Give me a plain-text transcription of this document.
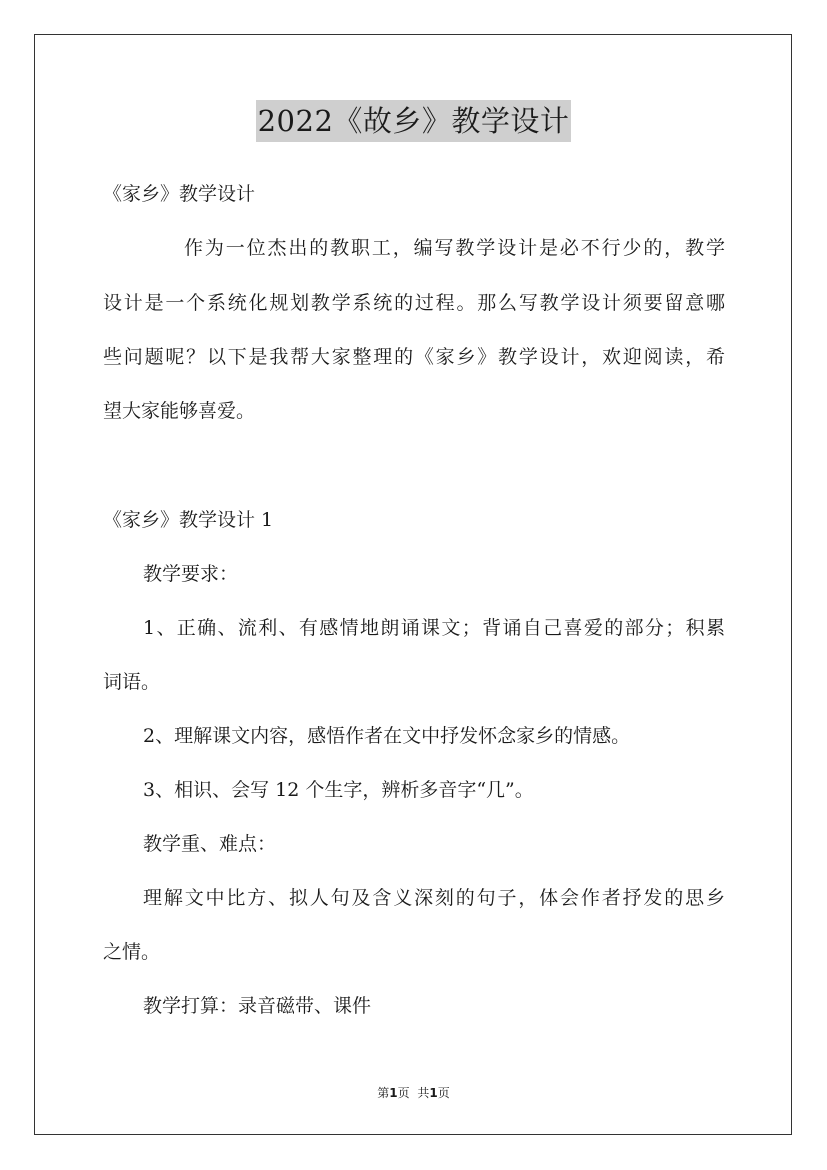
2022《故乡》教学设计
《家乡》教学设计
作为一位杰出的教职工，编写教学设计是必不行少的，教学
设计是一个系统化规划教学系统的过程。那么写教学设计须要留意哪
些问题呢？以下是我帮大家整理的《家乡》教学设计，欢迎阅读，希
望大家能够喜爱。
《家乡》教学设计 1
教学要求：
1、正确、流利、有感情地朗诵课文；背诵自己喜爱的部分；积累
词语。
2、理解课文内容，感悟作者在文中抒发怀念家乡的情感。
3、相识、会写 12 个生字，辨析多音字“几”。
教学重、难点：
理解文中比方、拟人句及含义深刻的句子，体会作者抒发的思乡
之情。
教学打算：录音磁带、课件
第1页 共1页
